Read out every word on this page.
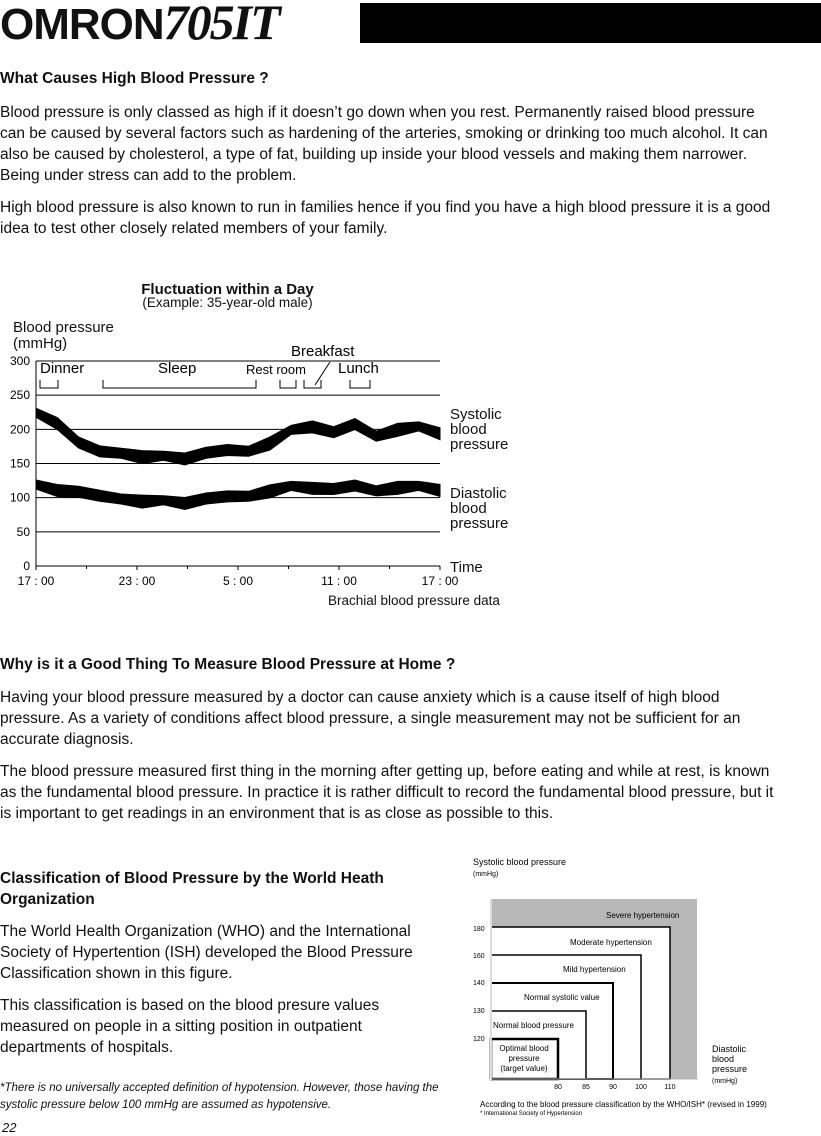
OMRON705IT
What Causes High Blood Pressure ?

Blood pressure is only classed as high if it doesn’t go down when you rest. Permanently raised blood pressure can be caused by several factors such as hardening of the arteries, smoking or drinking too much alcohol. It can also be caused by cholesterol, a type of fat, building up inside your blood vessels and making them narrower. Being under stress can add to the problem.

High blood pressure is also known to run in families hence if you find you have a high blood pressure it is a good idea to test other closely related members of your family.

Fluctuation within a Day
(Example: 35-year-old male)
Blood pressure (mmHg)
Systolic
blood
pressure
Diastolic
blood
pressure
Time
Brachial blood pressure data
300
250
200
150
100
50
0
17 : 00	23 : 00	5 : 00	11 : 00	17 : 00
Dinner	Sleep	Rest room
Breakfast
Lunch
Why is it a Good Thing To Measure Blood Pressure at Home ?

Having your blood pressure measured by a doctor can cause anxiety which is a cause itself of high blood pressure. As a variety of conditions affect blood pressure, a single measurement may not be sufficient for an accurate diagnosis.

The blood pressure measured first thing in the morning after getting up, before eating and while at rest, is known as the fundamental blood pressure. In practice it is rather difficult to record the fundamental blood pressure, but it is important to get readings in an environment that is as close as possible to this.

Classification of Blood Pressure by the World Heath
Organization

The World Health Organization (WHO) and the International Society of Hypertention (ISH) developed the Blood Pressure Classification shown in this figure.

This classification is based on the blood presure values measured on people in a sitting position in outpatient departments of hospitals.

*There is no universally accepted definition of hypotension. However, those having the systolic pressure below 100 mmHg are assumed as hypotensive.

22
Systolic blood pressure
(mmHg)
Diastolic
blood
pressure
(mmHg)
According to the blood pressure classification by the WHO/ISH* (revised in 1999)
* International Society of Hypertension
Severe hypertension
Moderate hypertension
Mild hypertension
Normal systolic value
Normal blood pressure
Optimal blood
pressure
(target value)
180
160
140
130
120
80	85	90	100	110
